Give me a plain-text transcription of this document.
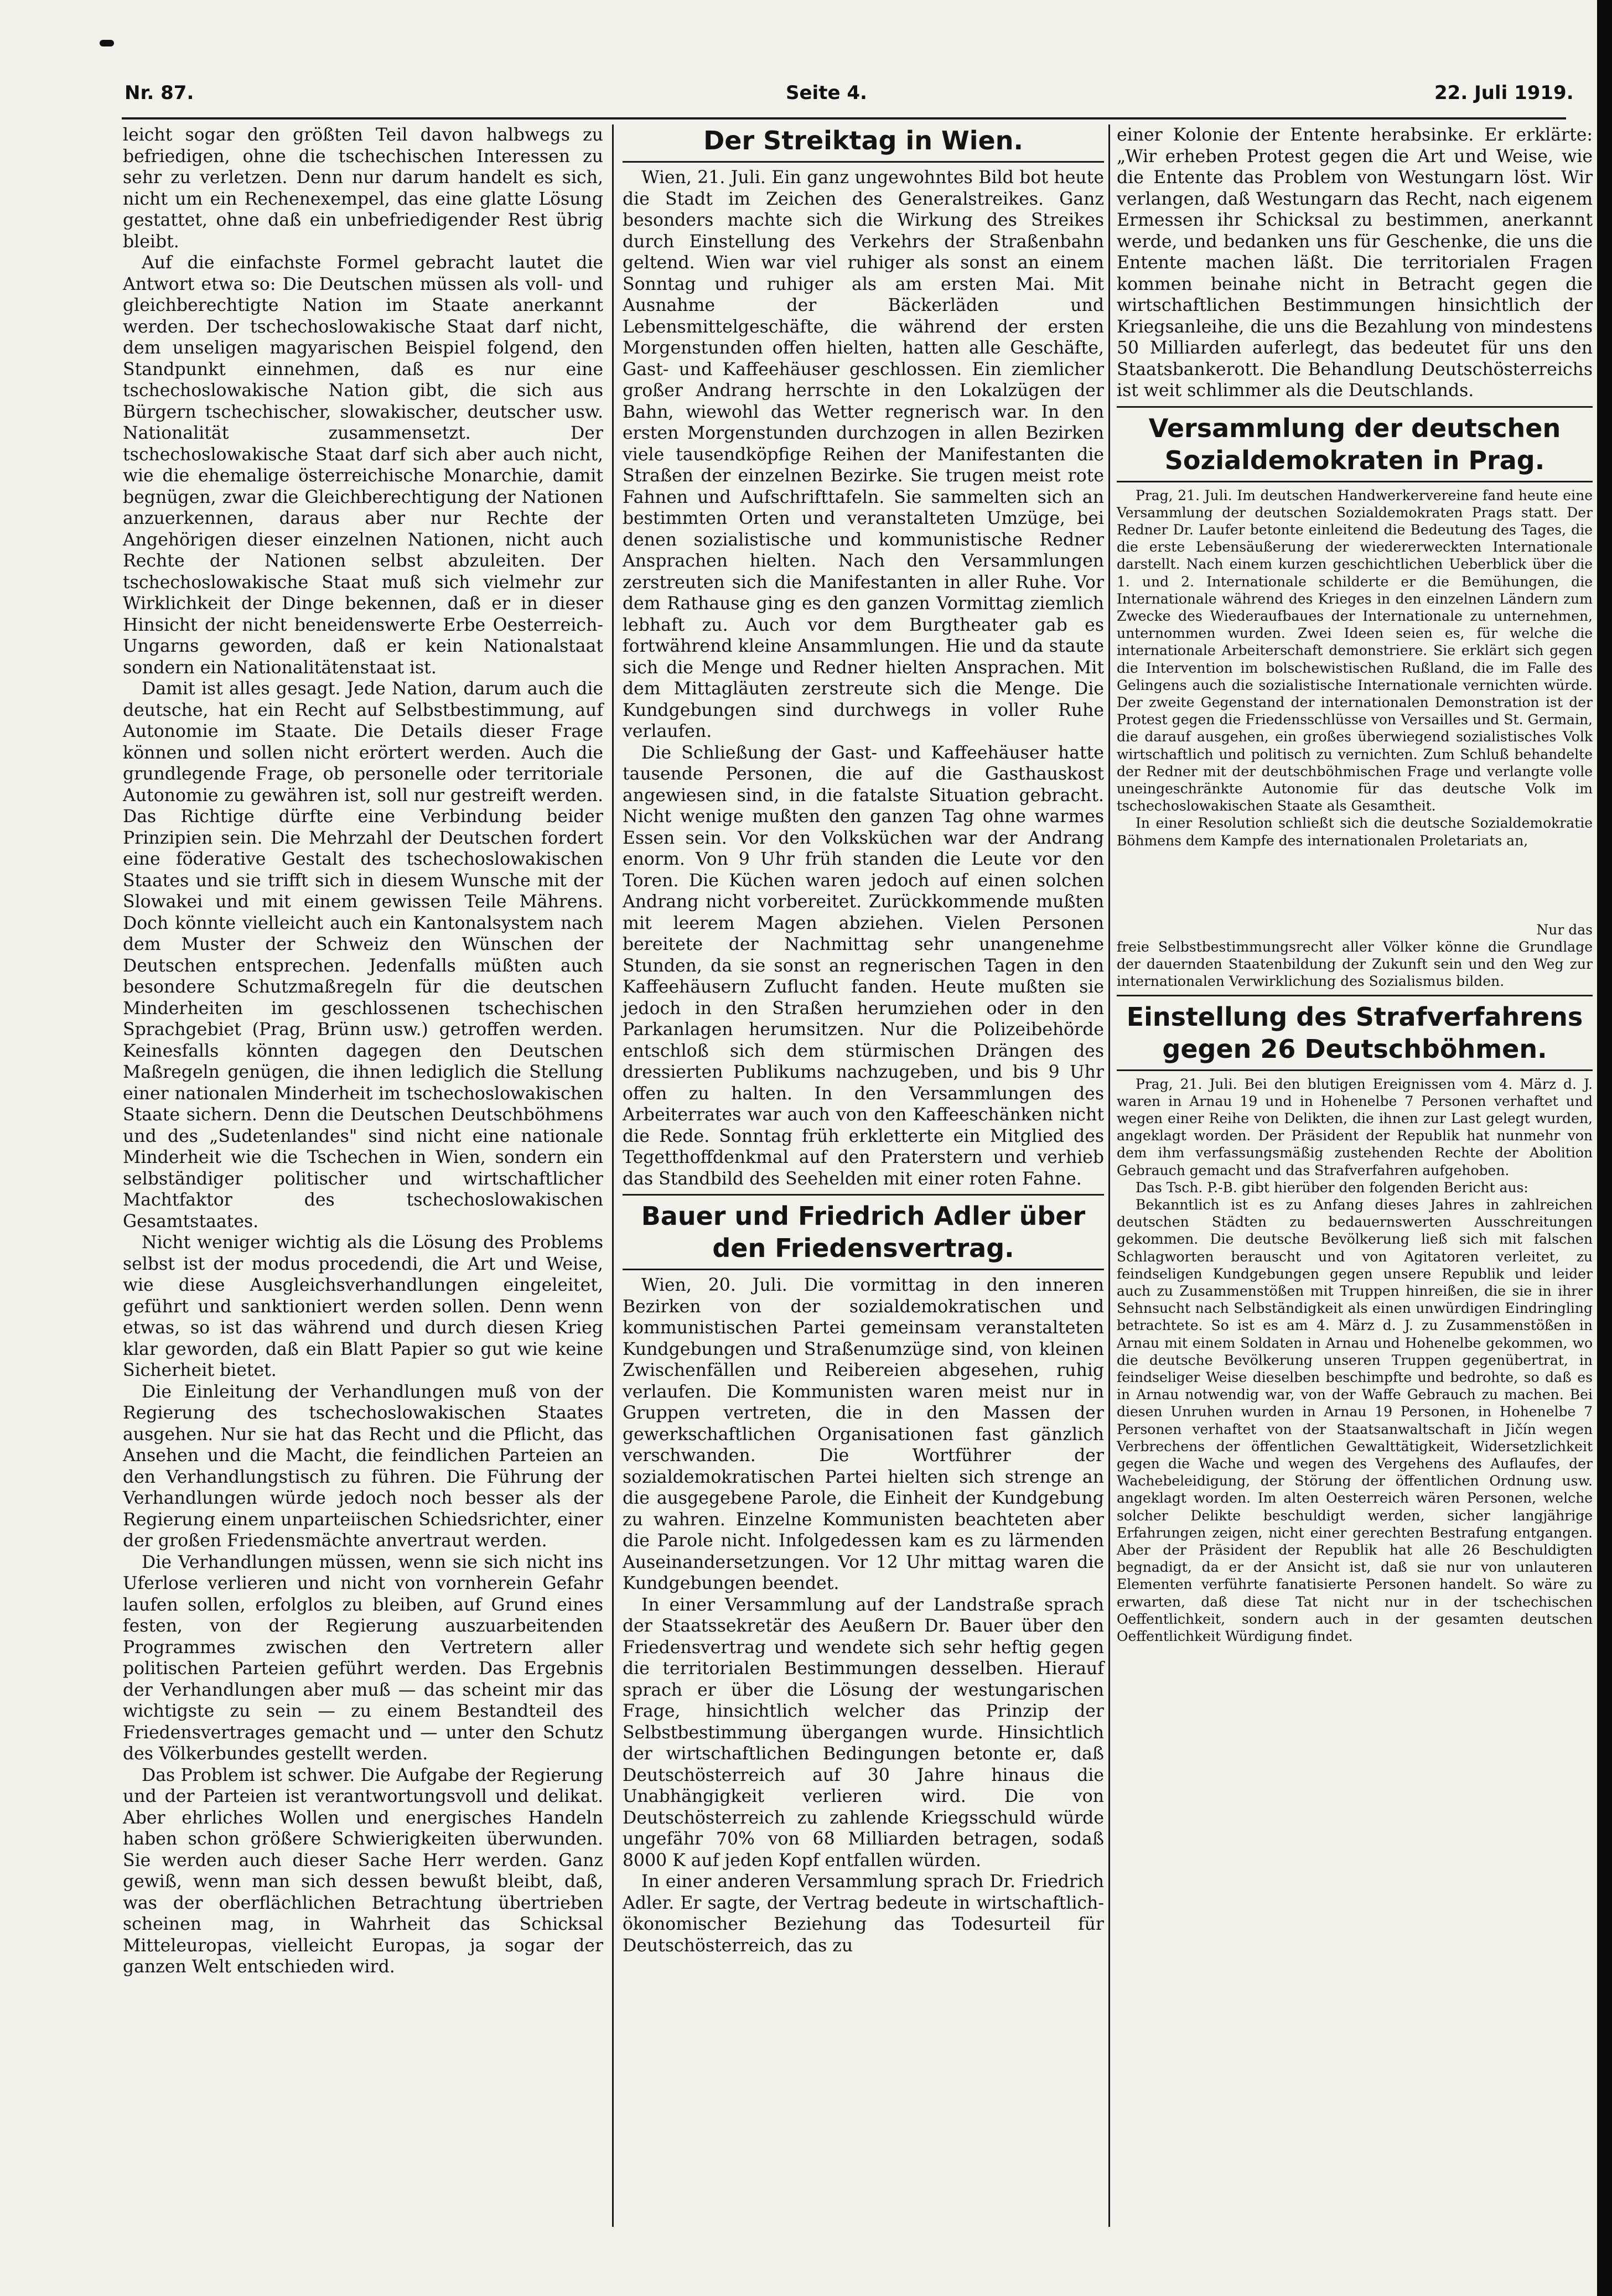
Nr. 87.	Seite 4.	22. Juli 1919.

leicht sogar den größten Teil davon halbwegs zu befriedigen, ohne die tschechischen Interessen zu sehr zu verletzen. Denn nur darum handelt es sich, nicht um ein Rechenexempel, das eine glatte Lösung gestattet, ohne daß ein unbefriedigender Rest übrig bleibt.

Auf die einfachste Formel gebracht lautet die Antwort etwa so: Die Deutschen müssen als voll- und gleichberechtigte Nation im Staate anerkannt werden. Der tschechoslowakische Staat darf nicht, dem unseligen magyarischen Beispiel folgend, den Standpunkt einnehmen, daß es nur eine tschechoslowakische Nation gibt, die sich aus Bürgern tschechischer, slowakischer, deutscher usw. Nationalität zusammensetzt. Der tschechoslowakische Staat darf sich aber auch nicht, wie die ehemalige österreichische Monarchie, damit begnügen, zwar die Gleichberechtigung der Nationen anzuerkennen, daraus aber nur Rechte der Angehörigen dieser einzelnen Nationen, nicht auch Rechte der Nationen selbst abzuleiten. Der tschechoslowakische Staat muß sich vielmehr zur Wirklichkeit der Dinge bekennen, daß er in dieser Hinsicht der nicht beneidenswerte Erbe Oesterreich-Ungarns geworden, daß er kein Nationalstaat sondern ein Nationalitätenstaat ist.

Damit ist alles gesagt. Jede Nation, darum auch die deutsche, hat ein Recht auf Selbstbestimmung, auf Autonomie im Staate. Die Details dieser Frage können und sollen nicht erörtert werden. Auch die grundlegende Frage, ob personelle oder territoriale Autonomie zu gewähren ist, soll nur gestreift werden. Das Richtige dürfte eine Verbindung beider Prinzipien sein. Die Mehrzahl der Deutschen fordert eine föderative Gestalt des tschechoslowakischen Staates und sie trifft sich in diesem Wunsche mit der Slowakei und mit einem gewissen Teile Mährens. Doch könnte vielleicht auch ein Kantonalsystem nach dem Muster der Schweiz den Wünschen der Deutschen entsprechen. Jedenfalls müßten auch besondere Schutzmaßregeln für die deutschen Minderheiten im geschlossenen tschechischen Sprachgebiet (Prag, Brünn usw.) getroffen werden. Keinesfalls könnten dagegen den Deutschen Maßregeln genügen, die ihnen lediglich die Stellung einer nationalen Minderheit im tschechoslowakischen Staate sichern. Denn die Deutschen Deutschböhmens und des „Sudetenlandes" sind nicht eine nationale Minderheit wie die Tschechen in Wien, sondern ein selbständiger politischer und wirtschaftlicher Machtfaktor des tschechoslowakischen Gesamtstaates.

Nicht weniger wichtig als die Lösung des Problems selbst ist der modus procedendi, die Art und Weise, wie diese Ausgleichsverhandlungen eingeleitet, geführt und sanktioniert werden sollen. Denn wenn etwas, so ist das während und durch diesen Krieg klar geworden, daß ein Blatt Papier so gut wie keine Sicherheit bietet.

Die Einleitung der Verhandlungen muß von der Regierung des tschechoslowakischen Staates ausgehen. Nur sie hat das Recht und die Pflicht, das Ansehen und die Macht, die feindlichen Parteien an den Verhandlungstisch zu führen. Die Führung der Verhandlungen würde jedoch noch besser als der Regierung einem unparteiischen Schiedsrichter, einer der großen Friedensmächte anvertraut werden.

Die Verhandlungen müssen, wenn sie sich nicht ins Uferlose verlieren und nicht von vornherein Gefahr laufen sollen, erfolglos zu bleiben, auf Grund eines festen, von der Regierung auszuarbeitenden Programmes zwischen den Vertretern aller politischen Parteien geführt werden. Das Ergebnis der Verhandlungen aber muß — das scheint mir das wichtigste zu sein — zu einem Bestandteil des Friedensvertrages gemacht und — unter den Schutz des Völkerbundes gestellt werden.

Das Problem ist schwer. Die Aufgabe der Regierung und der Parteien ist verantwortungsvoll und delikat. Aber ehrliches Wollen und energisches Handeln haben schon größere Schwierigkeiten überwunden. Sie werden auch dieser Sache Herr werden. Ganz gewiß, wenn man sich dessen bewußt bleibt, daß, was der oberflächlichen Betrachtung übertrieben scheinen mag, in Wahrheit das Schicksal Mitteleuropas, vielleicht Europas, ja sogar der ganzen Welt entschieden wird.

Der Streiktag in Wien.

Wien, 21. Juli. Ein ganz ungewohntes Bild bot heute die Stadt im Zeichen des Generalstreikes. Ganz besonders machte sich die Wirkung des Streikes durch Einstellung des Verkehrs der Straßenbahn geltend. Wien war viel ruhiger als sonst an einem Sonntag und ruhiger als am ersten Mai. Mit Ausnahme der Bäckerläden und Lebensmittelgeschäfte, die während der ersten Morgenstunden offen hielten, hatten alle Geschäfte, Gast- und Kaffeehäuser geschlossen. Ein ziemlicher großer Andrang herrschte in den Lokalzügen der Bahn, wiewohl das Wetter regnerisch war. In den ersten Morgenstunden durchzogen in allen Bezirken viele tausendköpfige Reihen der Manifestanten die Straßen der einzelnen Bezirke. Sie trugen meist rote Fahnen und Aufschrifttafeln. Sie sammelten sich an bestimmten Orten und veranstalteten Umzüge, bei denen sozialistische und kommunistische Redner Ansprachen hielten. Nach den Versammlungen zerstreuten sich die Manifestanten in aller Ruhe. Vor dem Rathause ging es den ganzen Vormittag ziemlich lebhaft zu. Auch vor dem Burgtheater gab es fortwährend kleine Ansammlungen. Hie und da staute sich die Menge und Redner hielten Ansprachen. Mit dem Mittagläuten zerstreute sich die Menge. Die Kundgebungen sind durchwegs in voller Ruhe verlaufen.

Die Schließung der Gast- und Kaffeehäuser hatte tausende Personen, die auf die Gasthauskost angewiesen sind, in die fatalste Situation gebracht. Nicht wenige mußten den ganzen Tag ohne warmes Essen sein. Vor den Volksküchen war der Andrang enorm. Von 9 Uhr früh standen die Leute vor den Toren. Die Küchen waren jedoch auf einen solchen Andrang nicht vorbereitet. Zurückkommende mußten mit leerem Magen abziehen. Vielen Personen bereitete der Nachmittag sehr unangenehme Stunden, da sie sonst an regnerischen Tagen in den Kaffeehäusern Zuflucht fanden. Heute mußten sie jedoch in den Straßen herumziehen oder in den Parkanlagen herumsitzen. Nur die Polizeibehörde entschloß sich dem stürmischen Drängen des dressierten Publikums nachzugeben, und bis 9 Uhr offen zu halten. In den Versammlungen des Arbeiterrates war auch von den Kaffeeschänken nicht die Rede. Sonntag früh erkletterte ein Mitglied des Tegetthoffdenkmal auf den Praterstern und verhieb das Standbild des Seehelden mit einer roten Fahne.

Bauer und Friedrich Adler über den Friedensvertrag.

Wien, 20. Juli. Die vormittag in den inneren Bezirken von der sozialdemokratischen und kommunistischen Partei gemeinsam veranstalteten Kundgebungen und Straßenumzüge sind, von kleinen Zwischenfällen und Reibereien abgesehen, ruhig verlaufen. Die Kommunisten waren meist nur in Gruppen vertreten, die in den Massen der gewerkschaftlichen Organisationen fast gänzlich verschwanden. Die Wortführer der sozialdemokratischen Partei hielten sich strenge an die ausgegebene Parole, die Einheit der Kundgebung zu wahren. Einzelne Kommunisten beachteten aber die Parole nicht. Infolgedessen kam es zu lärmenden Auseinandersetzungen. Vor 12 Uhr mittag waren die Kundgebungen beendet.

In einer Versammlung auf der Landstraße sprach der Staatssekretär des Aeußern Dr. Bauer über den Friedensvertrag und wendete sich sehr heftig gegen die territorialen Bestimmungen desselben. Hierauf sprach er über die Lösung der westungarischen Frage, hinsichtlich welcher das Prinzip der Selbstbestimmung übergangen wurde. Hinsichtlich der wirtschaftlichen Bedingungen betonte er, daß Deutschösterreich auf 30 Jahre hinaus die Unabhängigkeit verlieren wird. Die von Deutschösterreich zu zahlende Kriegsschuld würde ungefähr 70% von 68 Milliarden betragen, sodaß 8000 K auf jeden Kopf entfallen würden.

In einer anderen Versammlung sprach Dr. Friedrich Adler. Er sagte, der Vertrag bedeute in wirtschaftlich-ökonomischer Beziehung das Todesurteil für Deutschösterreich, das zu

einer Kolonie der Entente herabsinke. Er erklärte: „Wir erheben Protest gegen die Art und Weise, wie die Entente das Problem von Westungarn löst. Wir verlangen, daß Westungarn das Recht, nach eigenem Ermessen ihr Schicksal zu bestimmen, anerkannt werde, und bedanken uns für Geschenke, die uns die Entente machen läßt. Die territorialen Fragen kommen beinahe nicht in Betracht gegen die wirtschaftlichen Bestimmungen hinsichtlich der Kriegsanleihe, die uns die Bezahlung von mindestens 50 Milliarden auferlegt, das bedeutet für uns den Staatsbankerott. Die Behandlung Deutschösterreichs ist weit schlimmer als die Deutschlands.

Versammlung der deutschen Sozialdemokraten in Prag.

Prag, 21. Juli. Im deutschen Handwerkervereine fand heute eine Versammlung der deutschen Sozialdemokraten Prags statt. Der Redner Dr. Laufer betonte einleitend die Bedeutung des Tages, die die erste Lebensäußerung der wiedererweckten Internationale darstellt. Nach einem kurzen geschichtlichen Ueberblick über die 1. und 2. Internationale schilderte er die Bemühungen, die Internationale während des Krieges in den einzelnen Ländern zum Zwecke des Wiederaufbaues der Internationale zu unternehmen, unternommen wurden. Zwei Ideen seien es, für welche die internationale Arbeiterschaft demonstriere. Sie erklärt sich gegen die Intervention im bolschewistischen Rußland, die im Falle des Gelingens auch die sozialistische Internationale vernichten würde. Der zweite Gegenstand der internationalen Demonstration ist der Protest gegen die Friedensschlüsse von Versailles und St. Germain, die darauf ausgehen, ein großes überwiegend sozialistisches Volk wirtschaftlich und politisch zu vernichten. Zum Schluß behandelte der Redner mit der deutschböhmischen Frage und verlangte volle uneingeschränkte Autonomie für das deutsche Volk im tschechoslowakischen Staate als Gesamtheit.

In einer Resolution schließt sich die deutsche Sozialdemokratie Böhmens dem Kampfe des internationalen Proletariats an,

Nur das

freie Selbstbestimmungsrecht aller Völker könne die Grundlage der dauernden Staatenbildung der Zukunft sein und den Weg zur internationalen Verwirklichung des Sozialismus bilden.

Einstellung des Strafverfahrens gegen 26 Deutschböhmen.

Prag, 21. Juli. Bei den blutigen Ereignissen vom 4. März d. J. waren in Arnau 19 und in Hohenelbe 7 Personen verhaftet und wegen einer Reihe von Delikten, die ihnen zur Last gelegt wurden, angeklagt worden. Der Präsident der Republik hat nunmehr von dem ihm verfassungsmäßig zustehenden Rechte der Abolition Gebrauch gemacht und das Strafverfahren aufgehoben.

Das Tsch. P.-B. gibt hierüber den folgenden Bericht aus:

Bekanntlich ist es zu Anfang dieses Jahres in zahlreichen deutschen Städten zu bedauernswerten Ausschreitungen gekommen. Die deutsche Bevölkerung ließ sich mit falschen Schlagworten berauscht und von Agitatoren verleitet, zu feindseligen Kundgebungen gegen unsere Republik und leider auch zu Zusammenstößen mit Truppen hinreißen, die sie in ihrer Sehnsucht nach Selbständigkeit als einen unwürdigen Eindringling betrachtete. So ist es am 4. März d. J. zu Zusammenstößen in Arnau mit einem Soldaten in Arnau und Hohenelbe gekommen, wo die deutsche Bevölkerung unseren Truppen gegenübertrat, in feindseliger Weise dieselben beschimpfte und bedrohte, so daß es in Arnau notwendig war, von der Waffe Gebrauch zu machen. Bei diesen Unruhen wurden in Arnau 19 Personen, in Hohenelbe 7 Personen verhaftet von der Staatsanwaltschaft in Jičín wegen Verbrechens der öffentlichen Gewalttätigkeit, Widersetzlichkeit gegen die Wache und wegen des Vergehens des Auflaufes, der Wachebeleidigung, der Störung der öffentlichen Ordnung usw. angeklagt worden. Im alten Oesterreich wären Personen, welche solcher Delikte beschuldigt werden, sicher langjährige Erfahrungen zeigen, nicht einer gerechten Bestrafung entgangen. Aber der Präsident der Republik hat alle 26 Beschuldigten begnadigt, da er der Ansicht ist, daß sie nur von unlauteren Elementen verführte fanatisierte Personen handelt. So wäre zu erwarten, daß diese Tat nicht nur in der tschechischen Oeffentlichkeit, sondern auch in der gesamten deutschen Oeffentlichkeit Würdigung findet.
